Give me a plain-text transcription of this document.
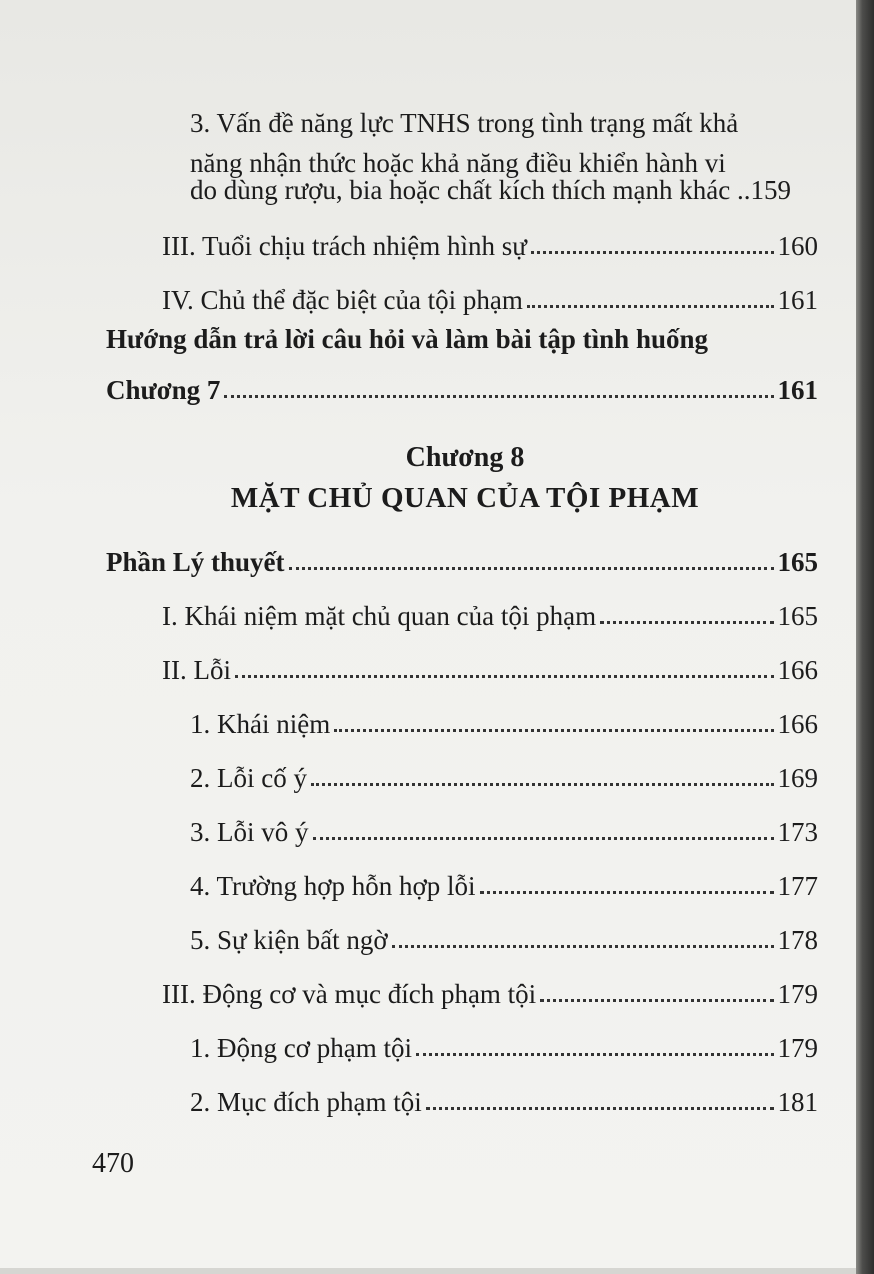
3. Vấn đề năng lực TNHS trong tình trạng mất khả
năng nhận thức hoặc khả năng điều khiển hành vi
do dùng rượu, bia hoặc chất kích thích mạnh khác .. 159
III. Tuổi chịu trách nhiệm hình sự	160
IV. Chủ thể đặc biệt của tội phạm	161
Hướng dẫn trả lời câu hỏi và làm bài tập tình huống
Chương 7	161
Chương 8
MẶT CHỦ QUAN CỦA TỘI PHẠM
Phần Lý thuyết	165
I. Khái niệm mặt chủ quan của tội phạm	165
II. Lỗi	166
1. Khái niệm	166
2. Lỗi cố ý	169
3. Lỗi vô ý	173
4. Trường hợp hỗn hợp lỗi	177
5. Sự kiện bất ngờ	178
III. Động cơ và mục đích phạm tội	179
1. Động cơ phạm tội	179
2. Mục đích phạm tội	181
470
